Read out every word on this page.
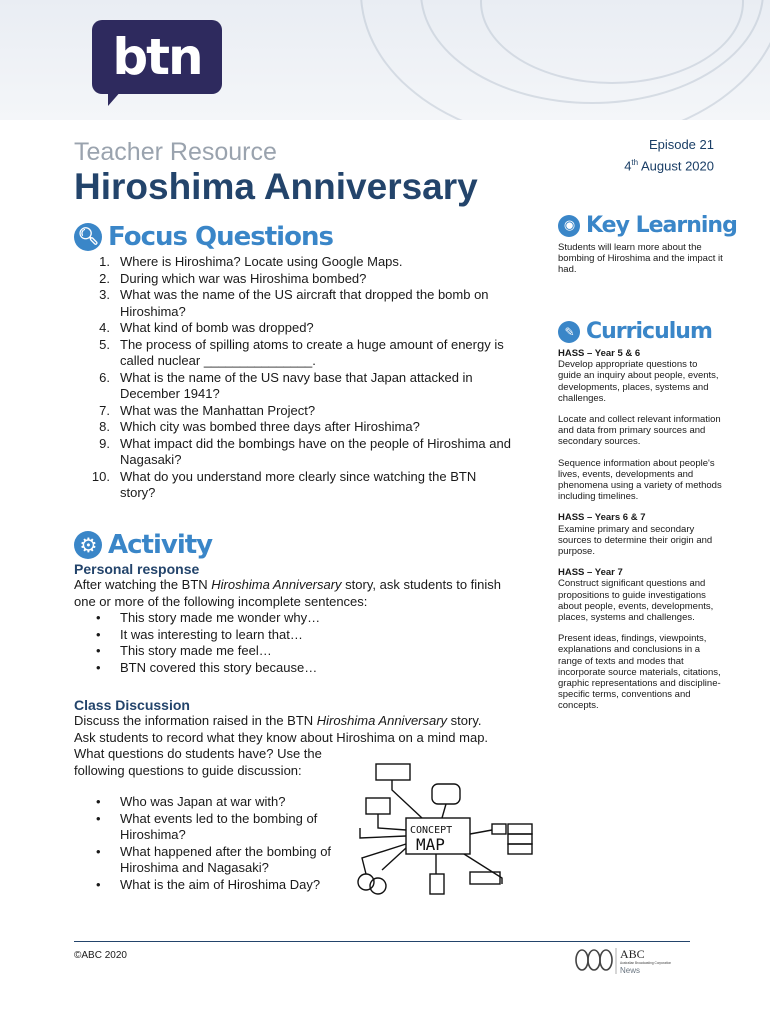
btn
Teacher Resource
Hiroshima Anniversary
Episode 21
4th August 2020
🔍︎ Focus Questions
1. Where is Hiroshima? Locate using Google Maps.
2. During which war was Hiroshima bombed?
3. What was the name of the US aircraft that dropped the bomb on Hiroshima?
4. What kind of bomb was dropped?
5. The process of spilling atoms to create a huge amount of energy is called nuclear _______________.
6. What is the name of the US navy base that Japan attacked in December 1941?
7. What was the Manhattan Project?
8. Which city was bombed three days after Hiroshima?
9. What impact did the bombings have on the people of Hiroshima and Nagasaki?
10. What do you understand more clearly since watching the BTN story?
⚙ Activity
Personal response
After watching the BTN Hiroshima Anniversary story, ask students to finish one or more of the following incomplete sentences:
•	This story made me wonder why…
•	It was interesting to learn that…
•	This story made me feel…
•	BTN covered this story because…
Class Discussion
Discuss the information raised in the BTN Hiroshima Anniversary story.
Ask students to record what they know about Hiroshima on a mind map.
What questions do students have? Use the
following questions to guide discussion:
•	Who was Japan at war with?
•	What events led to the bombing of Hiroshima?
•	What happened after the bombing of Hiroshima and Nagasaki?
•	What is the aim of Hiroshima Day?
CONCEPT
MAP
◉ Key Learning
Students will learn more about the bombing of Hiroshima and the impact it had.
✎ Curriculum
HASS – Year 5 & 6
Develop appropriate questions to guide an inquiry about people, events, developments, places, systems and challenges.
Locate and collect relevant information and data from primary sources and secondary sources.
Sequence information about people's lives, events, developments and phenomena using a variety of methods including timelines.
HASS – Years 6 & 7
Examine primary and secondary sources to determine their origin and purpose.
HASS – Year 7
Construct significant questions and propositions to guide investigations about people, events, developments, places, systems and challenges.
Present ideas, findings, viewpoints, explanations and conclusions in a range of texts and modes that incorporate source materials, citations, graphic representations and discipline-specific terms, conventions and concepts.
©ABC 2020	ABC
Australian Broadcasting Corporation
News
